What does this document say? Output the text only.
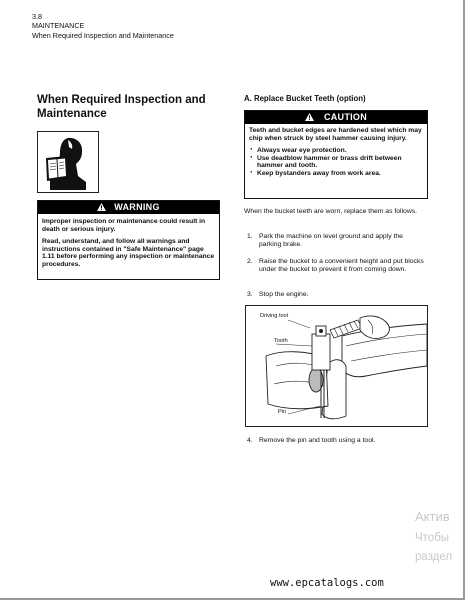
3.8
MAINTENANCE
When Required Inspection and Maintenance
When Required Inspection and
Maintenance
WARNING

Improper inspection or maintenance could result in death or serious injury.

Read, understand, and follow all warnings and instructions contained in "Safe Maintenance" page 1.11 before performing any inspection or maintenance procedures.

A. Replace Bucket Teeth (option)
CAUTION

Teeth and bucket edges are hardened steel which may chip when struck by steel hammer causing injury.

· Always wear eye protection.
· Use deadblow hammer or brass drift between hammer and tooth.
· Keep bystanders away from work area.
When the bucket teeth are worn, replace them as follows.
1. Park the machine on level ground and apply the parking brake.
2. Raise the bucket to a convenient height and put blocks under the bucket to prevent it from coming down.
3. Stop the engine.
4. Remove the pin and tooth using a tool.
Driving tool
Tooth
Pin
Актив
Чтобы
раздел
www.epcatalogs.com
